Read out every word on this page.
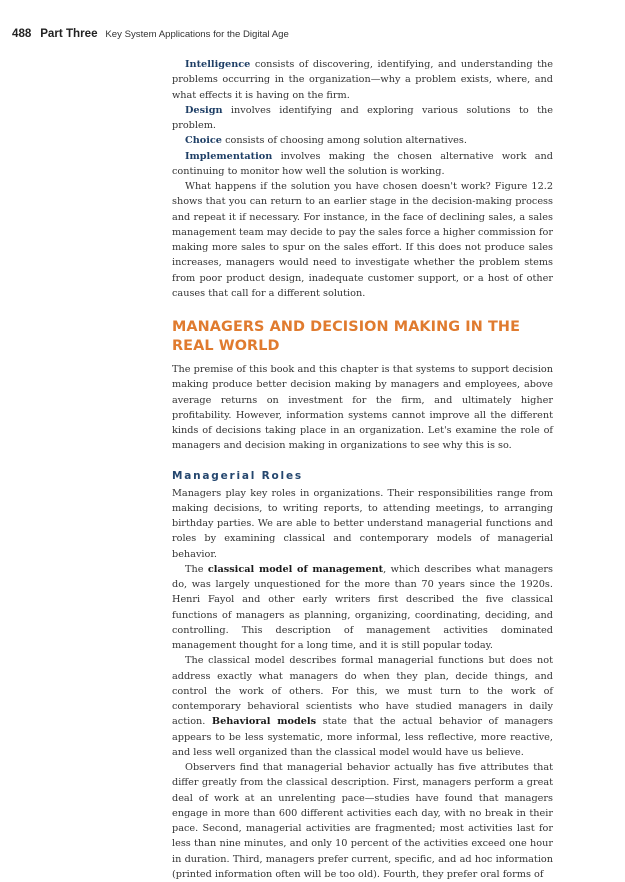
488 Part Three Key System Applications for the Digital Age

Intelligence consists of discovering, identifying, and understanding the problems occurring in the organization—why a problem exists, where, and what effects it is having on the firm.

Design involves identifying and exploring various solutions to the problem.

Choice consists of choosing among solution alternatives.

Implementation involves making the chosen alternative work and continuing to monitor how well the solution is working.

What happens if the solution you have chosen doesn't work? Figure 12.2 shows that you can return to an earlier stage in the decision-making process and repeat it if necessary. For instance, in the face of declining sales, a sales management team may decide to pay the sales force a higher commission for making more sales to spur on the sales effort. If this does not produce sales increases, managers would need to investigate whether the problem stems from poor product design, inadequate customer support, or a host of other causes that call for a different solution.

MANAGERS AND DECISION MAKING IN THE REAL WORLD

The premise of this book and this chapter is that systems to support decision making produce better decision making by managers and employees, above average returns on investment for the firm, and ultimately higher profitability. However, information systems cannot improve all the different kinds of decisions taking place in an organization. Let's examine the role of managers and decision making in organizations to see why this is so.

Managerial Roles

Managers play key roles in organizations. Their responsibilities range from making decisions, to writing reports, to attending meetings, to arranging birthday parties. We are able to better understand managerial functions and roles by examining classical and contemporary models of managerial behavior.

The classical model of management, which describes what managers do, was largely unquestioned for the more than 70 years since the 1920s. Henri Fayol and other early writers first described the five classical functions of managers as planning, organizing, coordinating, deciding, and controlling. This description of management activities dominated management thought for a long time, and it is still popular today.

The classical model describes formal managerial functions but does not address exactly what managers do when they plan, decide things, and control the work of others. For this, we must turn to the work of contemporary behavioral scientists who have studied managers in daily action. Behavioral models state that the actual behavior of managers appears to be less systematic, more informal, less reflective, more reactive, and less well organized than the classical model would have us believe.

Observers find that managerial behavior actually has five attributes that differ greatly from the classical description. First, managers perform a great deal of work at an unrelenting pace—studies have found that managers engage in more than 600 different activities each day, with no break in their pace. Second, managerial activities are fragmented; most activities last for less than nine minutes, and only 10 percent of the activities exceed one hour in duration. Third, managers prefer current, specific, and ad hoc information (printed information often will be too old). Fourth, they prefer oral forms of
